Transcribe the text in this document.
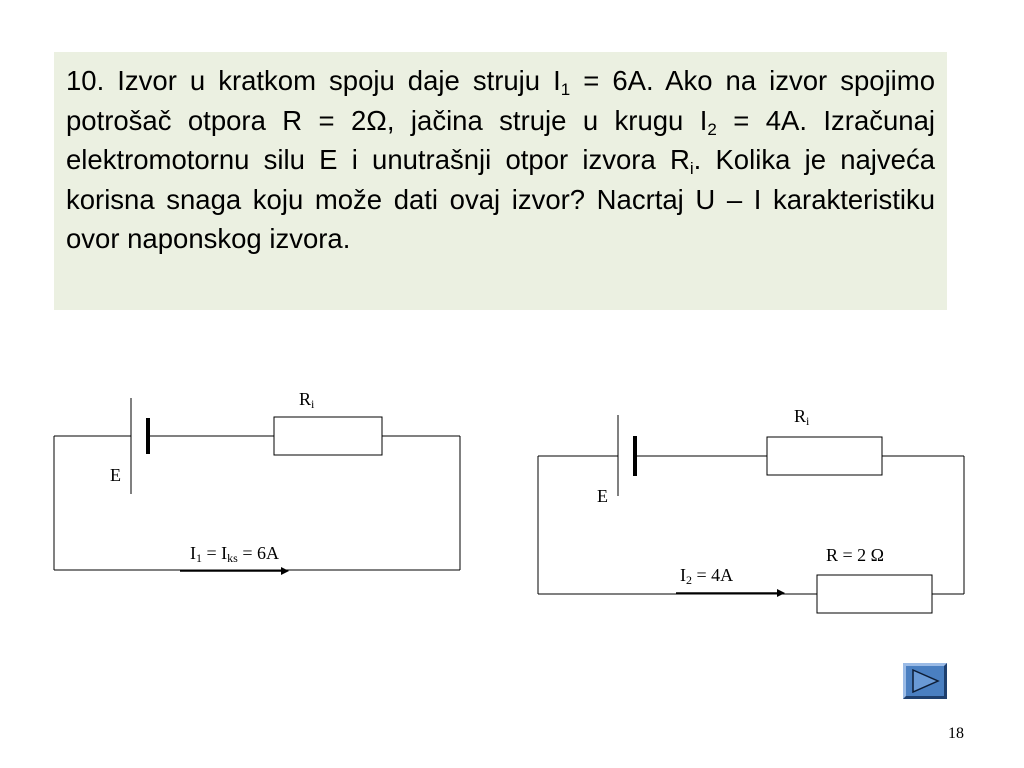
10. Izvor u kratkom spoju daje struju $I_1 = 6A$. Ako na izvor spojimo potrošač otpora R = 2Ω, jačina struje u krugu $I_2 = 4A$. Izračunaj elektromotornu silu E i unutrašnji otpor izvora $R_i$. Kolika je najveća korisna snaga koju može dati ovaj izvor? Nacrtaj U – I karakteristiku ovor naponskog izvora.
$R_i$
E
$I_1 = I_{ks} = 6A$
$R_i$
E
R = 2 Ω
$I_2 = 4A$
18
